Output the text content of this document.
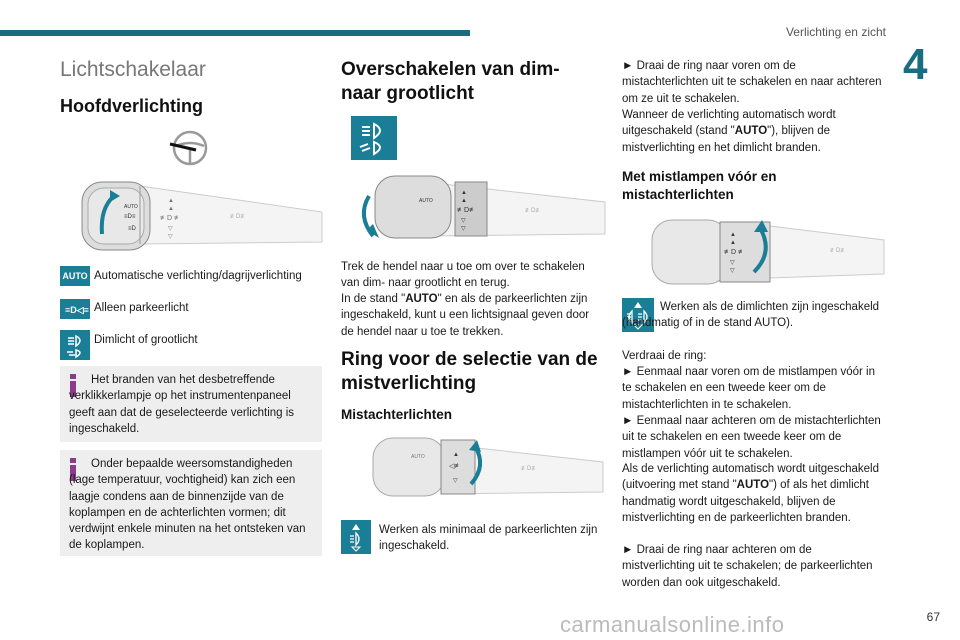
Verlichting en zicht
4
Lichtschakelaar
Hoofdverlichting
AUTO
≡D≡
≡D
▲
▲
≢D ≢
▽
▽
≢D≢
AUTO Automatische verlichting/dagrijverlichting
≡D◁≡ Alleen parkeerlicht
Dimlicht of grootlicht
Het branden van het desbetreffende verklikkerlampje op het instrumentenpaneel geeft aan dat de geselecteerde verlichting is ingeschakeld.
Onder bepaalde weersomstandigheden (lage temperatuur, vochtigheid) kan zich een laagje condens aan de binnenzijde van de koplampen en de achterlichten vormen; dit verdwijnt enkele minuten na het ontsteken van de koplampen.
Overschakelen van dim- naar grootlicht
AUTO
▲
▲
≢D≢
▽
▽
≢D≢
Trek de hendel naar u toe om over te schakelen van dim- naar grootlicht en terug.
In de stand "AUTO" en als de parkeerlichten zijn ingeschakeld, kunt u een lichtsignaal geven door de hendel naar u toe te trekken.
Ring voor de selectie van de mistverlichting
Mistachterlichten
AUTO	▲
◁≢
▽
≢D≢
Werken als minimaal de parkeerlichten zijn ingeschakeld.
► Draai de ring naar voren om de mistachterlichten uit te schakelen en naar achteren om ze uit te schakelen.
Wanneer de verlichting automatisch wordt uitgeschakeld (stand "AUTO"), blijven de mistverlichting en het dimlicht branden.
Met mistlampen vóór en mistachterlichten
▲
▲
≢D ≢
▽
▽
≢D≢
Werken als de dimlichten zijn ingeschakeld (handmatig of in de stand AUTO).
Verdraai de ring:
► Eenmaal naar voren om de mistlampen vóór in te schakelen en een tweede keer om de mistachterlichten in te schakelen.
► Eenmaal naar achteren om de mistachterlichten uit te schakelen en een tweede keer om de mistlampen vóór uit te schakelen.
Als de verlichting automatisch wordt uitgeschakeld (uitvoering met stand "AUTO") of als het dimlicht handmatig wordt uitgeschakeld, blijven de mistverlichting en de parkeerlichten branden.
► Draai de ring naar achteren om de mistverlichting uit te schakelen; de parkeerlichten worden dan ook uitgeschakeld.
carmanualsonline.info	67
